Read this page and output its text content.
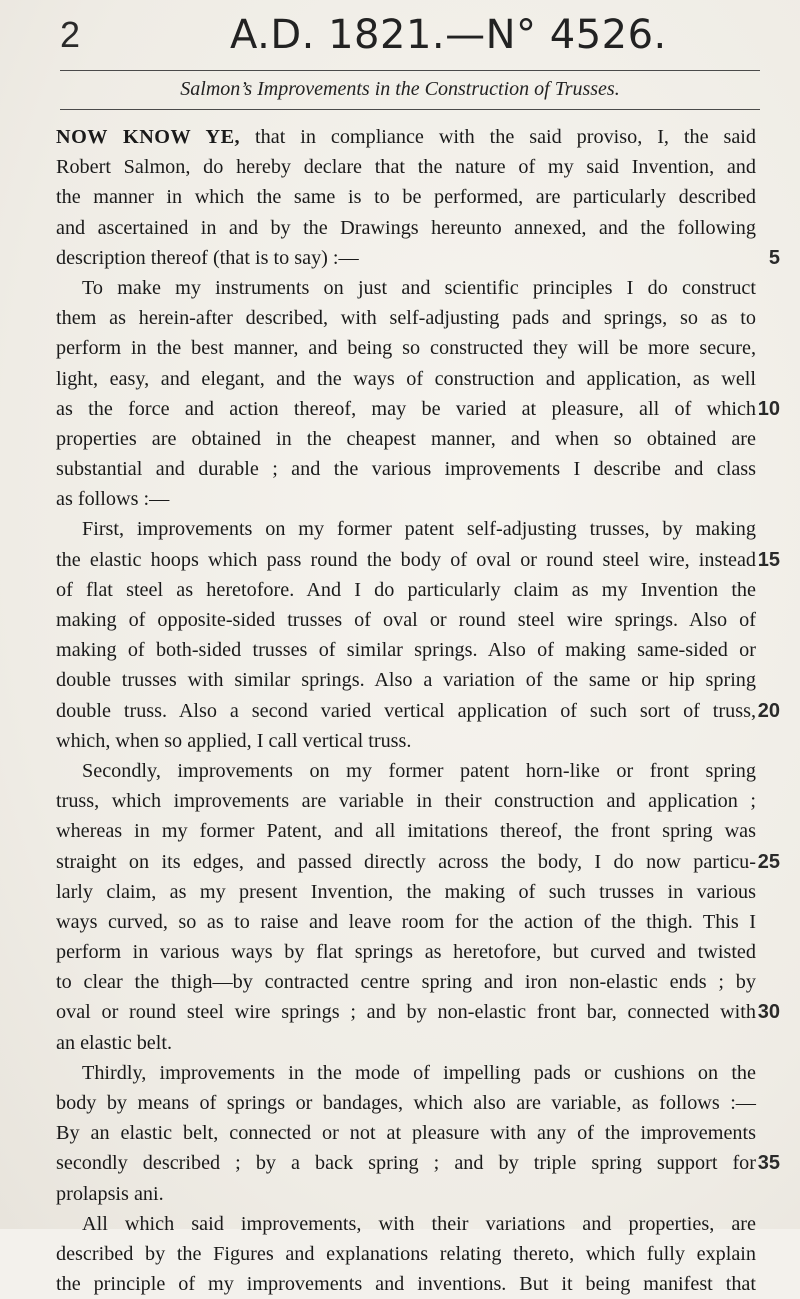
2	A.D. 1821.—N° 4526.
Salmon’s Improvements in the Construction of Trusses.
NOW KNOW YE, that in compliance with the said proviso, I, the said
Robert Salmon, do hereby declare that the nature of my said Invention, and
the manner in which the same is to be performed, are particularly described
and ascertained in and by the Drawings hereunto annexed, and the following
description thereof (that is to say) :—	5
To make my instruments on just and scientific principles I do construct
them as herein-after described, with self-adjusting pads and springs, so as to
perform in the best manner, and being so constructed they will be more secure,
light, easy, and elegant, and the ways of construction and application, as well
as the force and action thereof, may be varied at pleasure, all of which 10
properties are obtained in the cheapest manner, and when so obtained are
substantial and durable ; and the various improvements I describe and class
as follows :—
First, improvements on my former patent self-adjusting trusses, by making
the elastic hoops which pass round the body of oval or round steel wire, instead 15
of flat steel as heretofore. And I do particularly claim as my Invention the
making of opposite-sided trusses of oval or round steel wire springs. Also of
making of both-sided trusses of similar springs. Also of making same-sided or
double trusses with similar springs. Also a variation of the same or hip spring
double truss. Also a second varied vertical application of such sort of truss, 20
which, when so applied, I call vertical truss.
Secondly, improvements on my former patent horn-like or front spring
truss, which improvements are variable in their construction and application ;
whereas in my former Patent, and all imitations thereof, the front spring was
straight on its edges, and passed directly across the body, I do now particu- 25
larly claim, as my present Invention, the making of such trusses in various
ways curved, so as to raise and leave room for the action of the thigh. This I
perform in various ways by flat springs as heretofore, but curved and twisted
to clear the thigh—by contracted centre spring and iron non-elastic ends ; by
oval or round steel wire springs ; and by non-elastic front bar, connected with 30
an elastic belt.
Thirdly, improvements in the mode of impelling pads or cushions on the
body by means of springs or bandages, which also are variable, as follows :—
By an elastic belt, connected or not at pleasure with any of the improvements
secondly described ; by a back spring ; and by triple spring support for 35
prolapsis ani.
All which said improvements, with their variations and properties, are
described by the Figures and explanations relating thereto, which fully explain
the principle of my improvements and inventions. But it being manifest that
